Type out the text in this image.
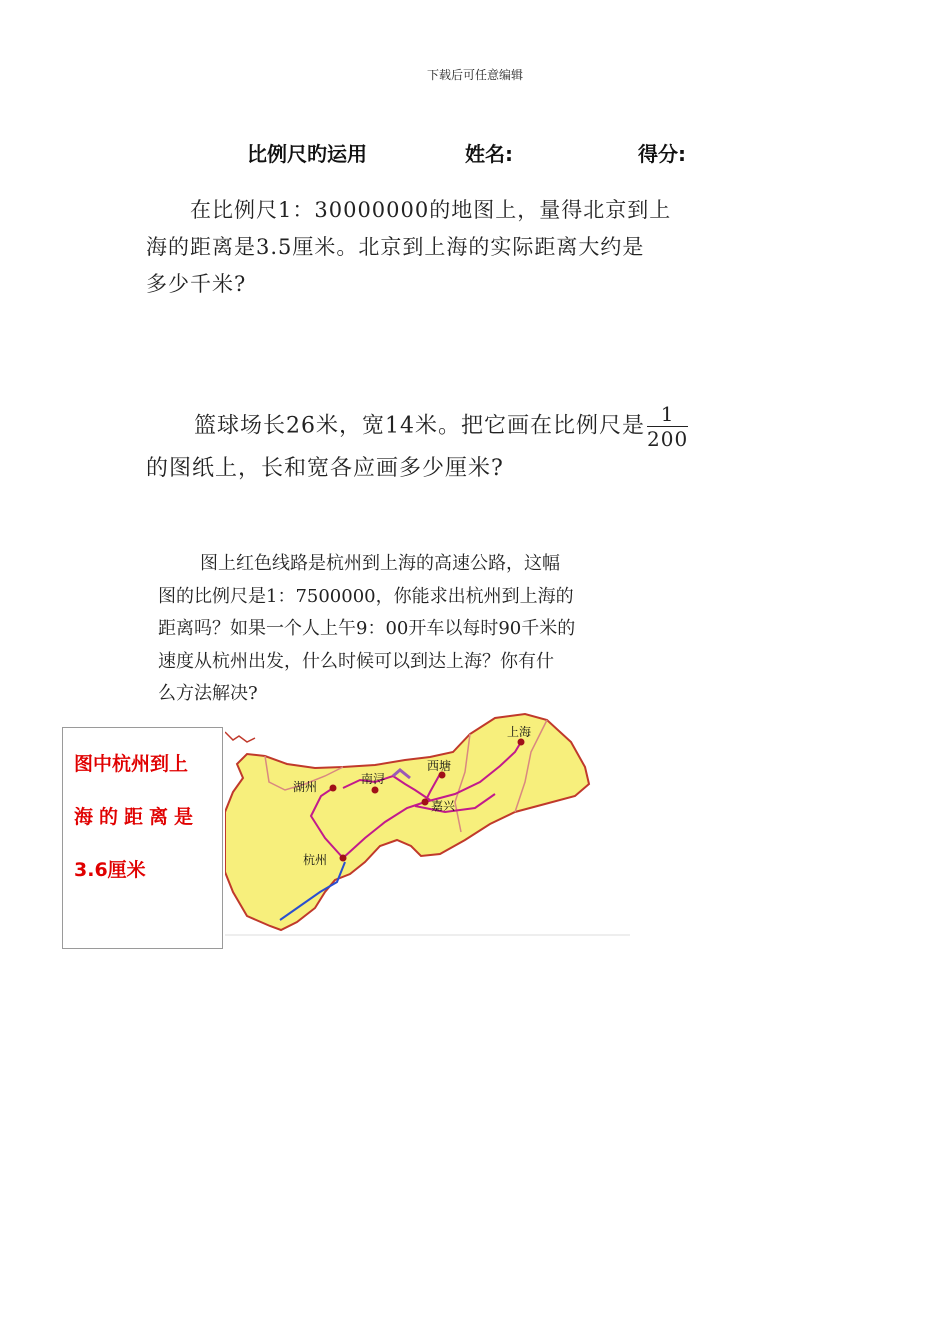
下载后可任意编辑
比例尺旳运用	姓名:	得分:
在比例尺1：30000000的地图上，量得北京到上
海的距离是3.5厘米。北京到上海的实际距离大约是
多少千米?
篮球场长26米，宽14米。把它画在比例尺是 $\frac{1}{200}$
的图纸上，长和宽各应画多少厘米?
图上红色线路是杭州到上海的高速公路，这幅
图的比例尺是1：7500000，你能求出杭州到上海的
距离吗？如果一个人上午9：00开车以每时90千米的
速度从杭州出发，什么时候可以到达上海？你有什
么方法解决?
上海
西塘
南浔
湖州
嘉兴
杭州
图中杭州到上
海的距离是
3.6厘米
